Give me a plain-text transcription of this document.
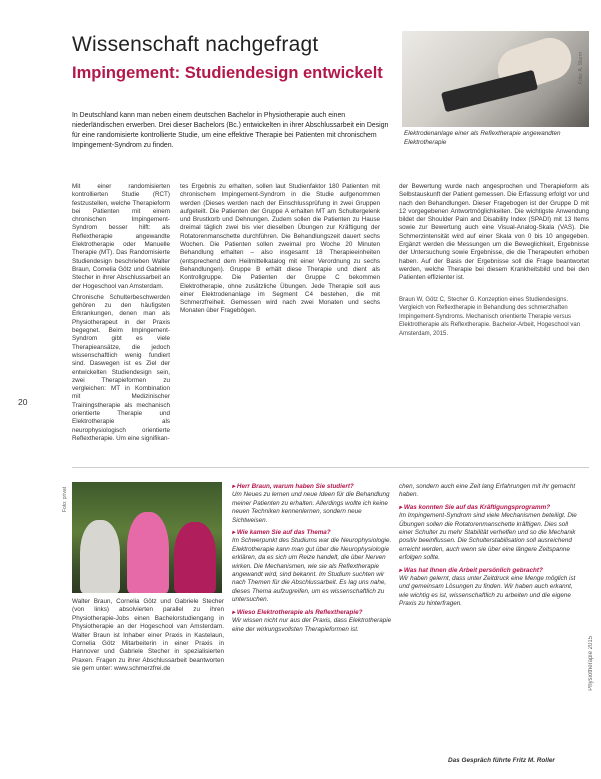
Wissenschaft nachgefragt
Impingement: Studiendesign entwickelt	Foto: A. Sturm
Elektrodenanlage einer als Reflextherapie angewandten Elektrotherapie
In Deutschland kann man neben einem deutschen Bachelor in Physiotherapie auch einen niederländischen erwerben. Drei dieser Bachelors (Bc.) entwickelten in ihrer Abschlussarbeit ein Design für eine randomisierte kontrollierte Studie, um eine effektive Therapie bei Patienten mit chronischem Impingement-Syndrom zu finden.

Mit einer randomisierten kontrollierten Studie (RCT) festzustellen, welche Therapieform bei Patienten mit einem chronischen Impingement-Syndrom besser hilft: als Reflextherapie angewandte Elektrotherapie oder Manuelle Therapie (MT). Das Randomisierte Studiendesign beschrieben Walter Braun, Cornelia Götz und Gabriele Stecher in ihrer Abschlussarbeit an der Hogeschool van Amsterdam.

Chronische Schulterbeschwerden gehören zu den häufigsten Erkrankungen, denen man als Physiotherapeut in der Praxis begegnet. Beim Impingement-Syndrom gibt es viele Therapieansätze, die jedoch wissenschaftlich wenig fundiert sind. Daswegen ist es Ziel der entwickelten Studiendesign sein, zwei Therapieformen zu vergleichen: MT in Kombination mit Medizinischer Trainingstherapie als mechanisch orientierte Therapie und Elektrotherapie als neurophysiologisch orientierte Reflextherapie. Um eine signifikan-

tes Ergebnis zu erhalten, sollen laut Studienfaktor 180 Patienten mit chronischem Impingement-Syndrom in die Studie aufgenommen werden (Dieses werden nach der Einschlussprüfung in zwei Gruppen aufgeteilt. Die Patienten der Gruppe A erhalten MT am Schultergelenk und Brustkorb und Dehnungen. Zudem sollen die Patienten zu Hause dreimal täglich zwei bis vier dieselben Übungen zur Kräftigung der Rotatorenmanschette durchführen. Die Behandlungszeit dauert sechs Wochen. Die Patienten sollen zweimal pro Woche 20 Minuten Behandlung erhalten – also insgesamt 18 Therapieeinheiten (entsprechend dem Heilmittelkatalog mit einer Verordnung zu sechs Behandlungen). Gruppe B erhält diese Therapie und dient als Kontrollgruppe. Die Patienten der Gruppe C bekommen Elektrotherapie, ohne zusätzliche Übungen. Jede Therapie soll aus einer Elektrodenanlage im Segment C4 bestehen, die mit Schmerzfreiheit. Gemessen wird nach zwei Monaten und sechs Monaten über Fragebögen.

der Bewertung wurde nach angesprochen und Therapieform als Selbstauskunft der Patient gemessen. Die Erfassung erfolgt vor und nach den Behandlungen. Dieser Fragebogen ist der Gruppe D mit 12 vorgegebenen Antwortmöglichkeiten. Die wichtigste Anwendung bildet der Shoulder Pain and Disability Index (SPADI) mit 13 Items sowie zur Bewertung auch eine Visual-Analog-Skala (VAS). Die Schmerzintensität wird auf einer Skala von 0 bis 10 angegeben. Ergänzt werden die Messungen um die Beweglichkeit, Ergebnisse der Untersuchung sowie Ergebnisse, die die Therapeuten erhoben haben. Auf der Basis der Ergebnisse soll die Frage beantwortet werden, welche Therapie bei diesem Krankheitsbild und bei den Patienten effizienter ist.

Braun W, Götz C, Stecher G. Konzeption eines Studiendesigns. Vergleich von Reflextherapie in Behandlung des schmerzhaften Impingement-Syndroms. Mechanisch orientierte Therapie versus Elektrotherapie als Reflextherapie. Bachelor-Arbeit, Hogeschool van Amsterdam, 2015.
20
Foto: privat
Walter Braun, Cornelia Götz und Gabriele Stecher (von links) absolvierten parallel zu ihren Physiotherapie-Jobs einen Bachelorstudiengang in Physiotherapie an der Hogeschool van Amsterdam. Walter Braun ist Inhaber einer Praxis in Kastelaun, Cornelia Götz Mitarbeiterin in einer Praxis in Hannover und Gabriele Stecher in spezialisierten Praxen. Fragen zu ihrer Abschlussarbeit beantworten sie gern unter: www.schmerzfrei.de
▸ Herr Braun, warum haben Sie studiert?
Um Neues zu lernen und neue Ideen für die Behandlung meiner Patienten zu erhalten. Allerdings wollte ich keine neuen Techniken kennenlernen, sondern neue Sichtweisen.
▸ Wie kamen Sie auf das Thema?
Im Schwerpunkt des Studiums war die Neurophysiologie. Elektrotherapie kann man gut über die Neurophysiologie erklären, da es sich um Reize handelt, die über Nerven wirken. Die Mechanismen, wie sie als Reflextherapie angewandt wird, sind bekannt. Im Studium suchten wir nach Themen für die Abschlussarbeit. Es lag uns nahe, dieses Thema aufzugreifen, um es wissenschaftlich zu untersuchen.
▸ Wieso Elektrotherapie als Reflextherapie?
Wir wissen nicht nur aus der Praxis, dass Elektrotherapie eine der wirkungsvollsten Therapieformen ist.
chen, sondern auch eine Zeit lang Erfahrungen mit ihr gemacht haben.
▸ Was konnten Sie auf das Kräftigungsprogramm?
Im Impingement-Syndrom sind viele Mechanismen beteiligt. Die Übungen sollen die Rotatorenmanschette kräftigen. Dies soll einer Schulter zu mehr Stabilität verhelfen und so die Mechanik positiv beeinflussen. Die Schulterstabilisation soll ausreichend erreicht werden, auch wenn sie über eine längere Zeitspanne erfolgen sollte.
▸ Was hat Ihnen die Arbeit persönlich gebracht?
Wir haben gelernt, dass unter Zeitdruck eine Menge möglich ist und gemeinsam Lösungen zu finden. Wir haben auch erkannt, wie wichtig es ist, wissenschaftlich zu arbeiten und die eigene Praxis zu hinterfragen.
Das Gespräch führte Fritz M. Roller
Physiotherapie 2015
